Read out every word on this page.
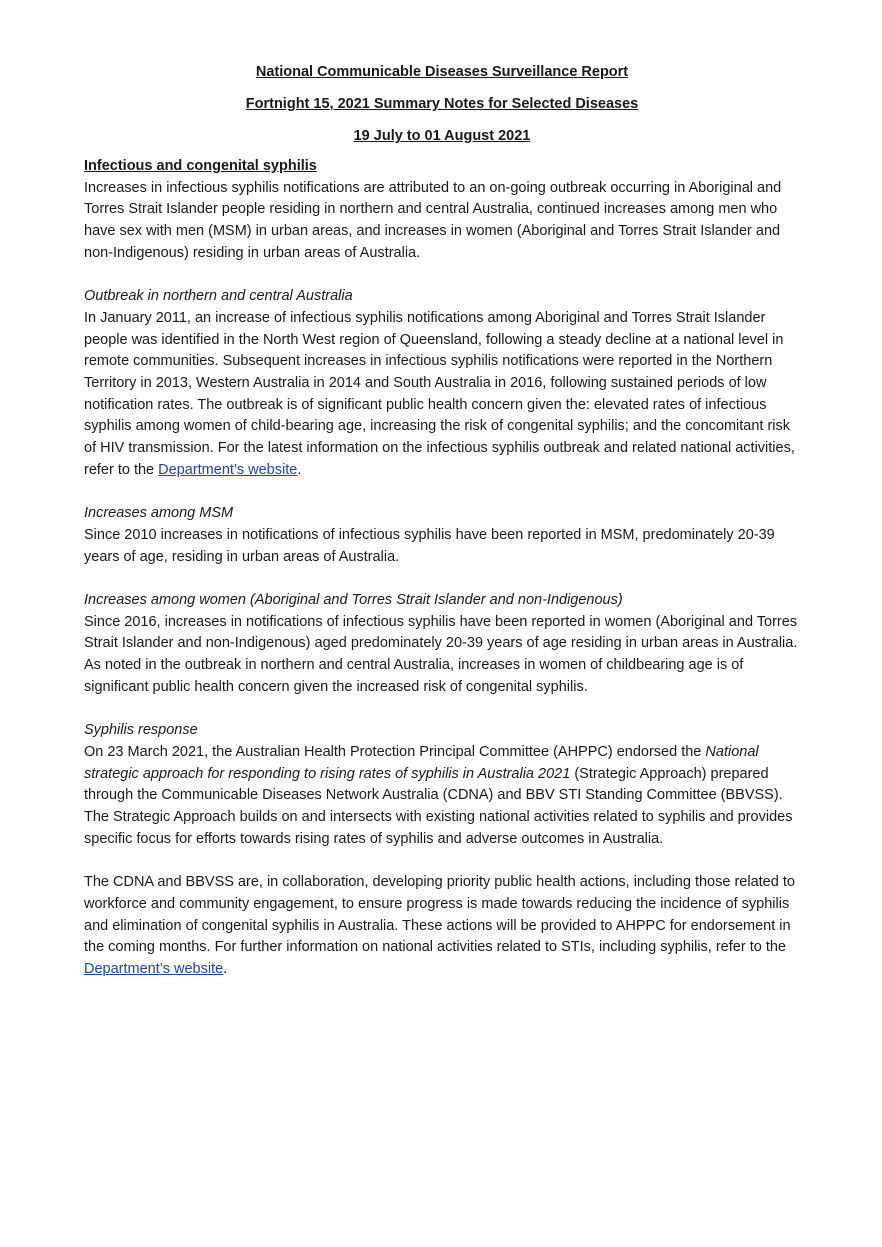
National Communicable Diseases Surveillance Report
Fortnight 15, 2021 Summary Notes for Selected Diseases
19 July to 01 August 2021
Infectious and congenital syphilis

Increases in infectious syphilis notifications are attributed to an on-going outbreak occurring in Aboriginal and Torres Strait Islander people residing in northern and central Australia, continued increases among men who have sex with men (MSM) in urban areas, and increases in women (Aboriginal and Torres Strait Islander and non-Indigenous) residing in urban areas of Australia.

Outbreak in northern and central Australia

In January 2011, an increase of infectious syphilis notifications among Aboriginal and Torres Strait Islander people was identified in the North West region of Queensland, following a steady decline at a national level in remote communities. Subsequent increases in infectious syphilis notifications were reported in the Northern Territory in 2013, Western Australia in 2014 and South Australia in 2016, following sustained periods of low notification rates. The outbreak is of significant public health concern given the: elevated rates of infectious syphilis among women of child-bearing age, increasing the risk of congenital syphilis; and the concomitant risk of HIV transmission. For the latest information on the infectious syphilis outbreak and related national activities, refer to the Department’s website.

Increases among MSM

Since 2010 increases in notifications of infectious syphilis have been reported in MSM, predominately 20-39 years of age, residing in urban areas of Australia.

Increases among women (Aboriginal and Torres Strait Islander and non-Indigenous)

Since 2016, increases in notifications of infectious syphilis have been reported in women (Aboriginal and Torres Strait Islander and non-Indigenous) aged predominately 20-39 years of age residing in urban areas in Australia. As noted in the outbreak in northern and central Australia, increases in women of childbearing age is of significant public health concern given the increased risk of congenital syphilis.

Syphilis response

On 23 March 2021, the Australian Health Protection Principal Committee (AHPPC) endorsed the National strategic approach for responding to rising rates of syphilis in Australia 2021 (Strategic Approach) prepared through the Communicable Diseases Network Australia (CDNA) and BBV STI Standing Committee (BBVSS). The Strategic Approach builds on and intersects with existing national activities related to syphilis and provides specific focus for efforts towards rising rates of syphilis and adverse outcomes in Australia.

The CDNA and BBVSS are, in collaboration, developing priority public health actions, including those related to workforce and community engagement, to ensure progress is made towards reducing the incidence of syphilis and elimination of congenital syphilis in Australia. These actions will be provided to AHPPC for endorsement in the coming months. For further information on national activities related to STIs, including syphilis, refer to the
Department’s website.
